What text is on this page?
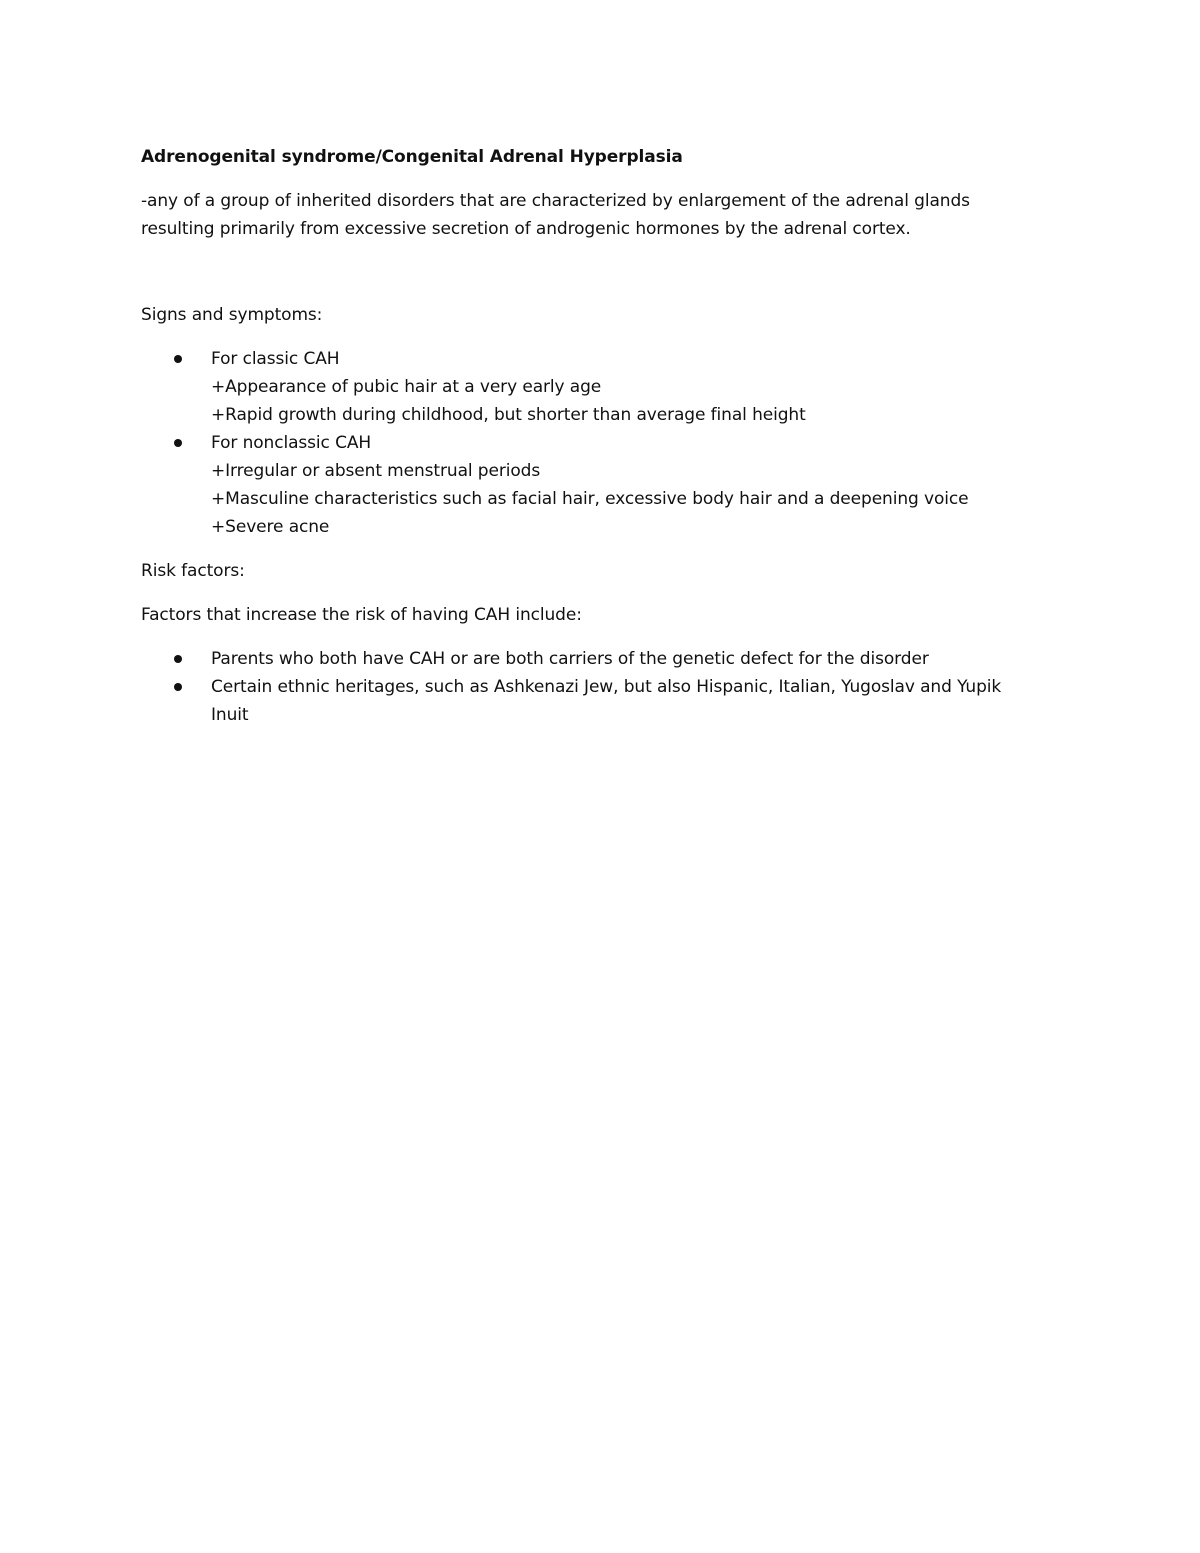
Adrenogenital syndrome/Congenital Adrenal Hyperplasia
-any of a group of inherited disorders that are characterized by enlargement of the adrenal glands
resulting primarily from excessive secretion of androgenic hormones by the adrenal cortex.
Signs and symptoms:
For classic CAH
+Appearance of pubic hair at a very early age
+Rapid growth during childhood, but shorter than average final height
For nonclassic CAH
+Irregular or absent menstrual periods
+Masculine characteristics such as facial hair, excessive body hair and a deepening voice
+Severe acne
Risk factors:
Factors that increase the risk of having CAH include:
Parents who both have CAH or are both carriers of the genetic defect for the disorder
Certain ethnic heritages, such as Ashkenazi Jew, but also Hispanic, Italian, Yugoslav and Yupik
Inuit
